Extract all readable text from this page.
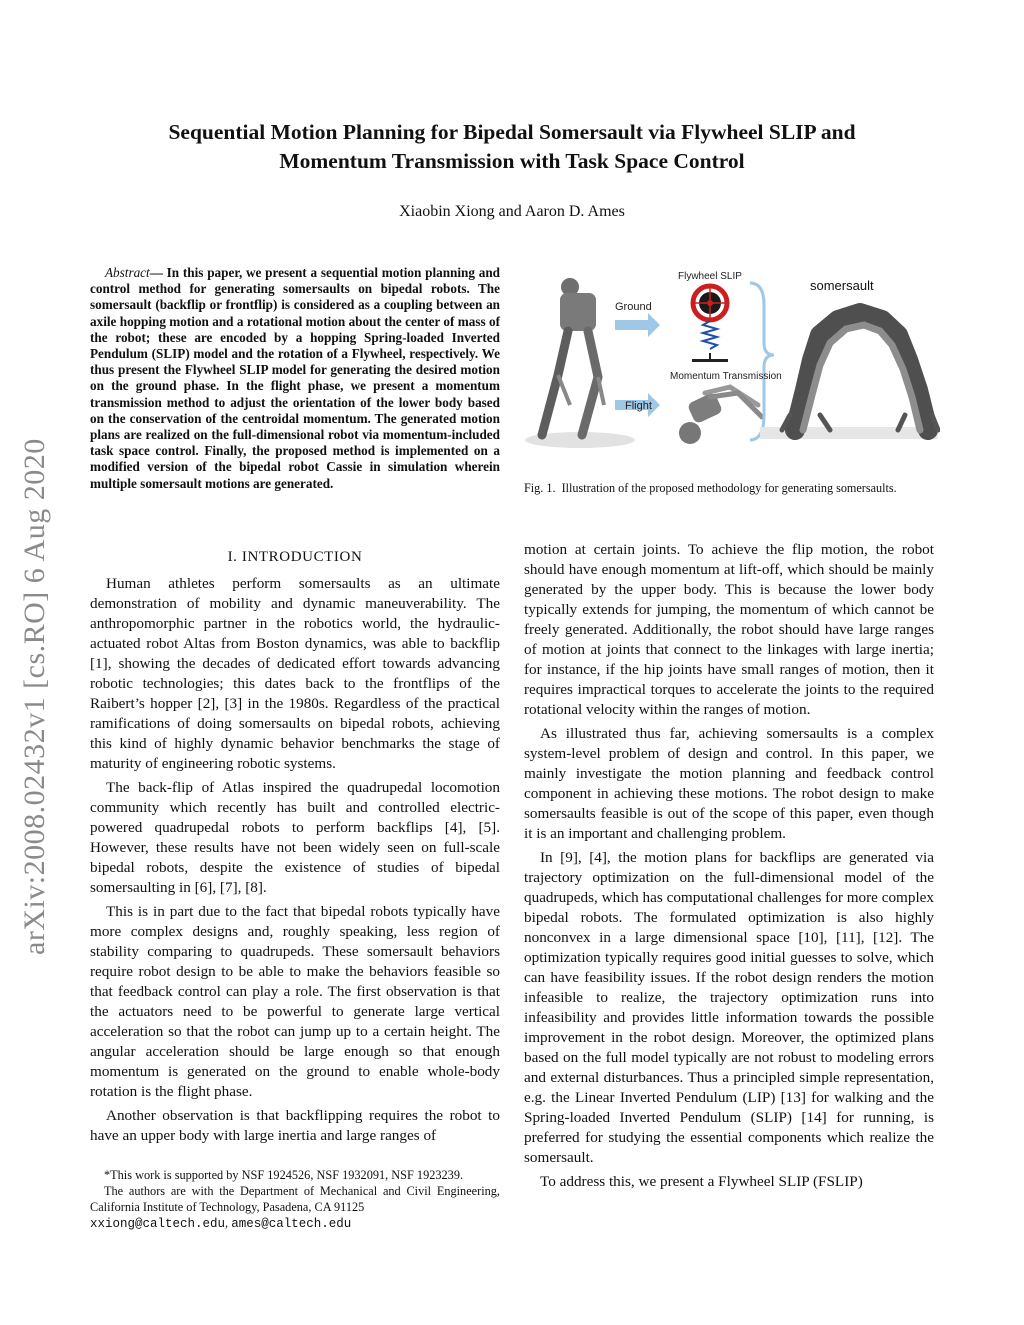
arXiv:2008.02432v1 [cs.RO] 6 Aug 2020
Sequential Motion Planning for Bipedal Somersault via Flywheel SLIP and
Momentum Transmission with Task Space Control
Xiaobin Xiong and Aaron D. Ames
Abstract— In this paper, we present a sequential motion planning and control method for generating somersaults on bipedal robots. The somersault (backflip or frontflip) is considered as a coupling between an axile hopping motion and a rotational motion about the center of mass of the robot; these are encoded by a hopping Spring-loaded Inverted Pendulum (SLIP) model and the rotation of a Flywheel, respectively. We thus present the Flywheel SLIP model for generating the desired motion on the ground phase. In the flight phase, we present a momentum transmission method to adjust the orientation of the lower body based on the conservation of the centroidal momentum. The generated motion plans are realized on the full-dimensional robot via momentum-included task space control. Finally, the proposed method is implemented on a modified version of the bipedal robot Cassie in simulation wherein multiple somersault motions are generated.
I. INTRODUCTION

Human athletes perform somersaults as an ultimate demonstration of mobility and dynamic maneuverability. The anthropomorphic partner in the robotics world, the hydraulic-actuated robot Altas from Boston dynamics, was able to backflip [1], showing the decades of dedicated effort towards advancing robotic technologies; this dates back to the frontflips of the Raibert’s hopper [2], [3] in the 1980s. Regardless of the practical ramifications of doing somersaults on bipedal robots, achieving this kind of highly dynamic behavior benchmarks the stage of maturity of engineering robotic systems.

The back-flip of Atlas inspired the quadrupedal locomotion community which recently has built and controlled electric-powered quadrupedal robots to perform backflips [4], [5]. However, these results have not been widely seen on full-scale bipedal robots, despite the existence of studies of bipedal somersaulting in [6], [7], [8].

This is in part due to the fact that bipedal robots typically have more complex designs and, roughly speaking, less region of stability comparing to quadrupeds. These somersault behaviors require robot design to be able to make the behaviors feasible so that feedback control can play a role. The first observation is that the actuators need to be powerful to generate large vertical acceleration so that the robot can jump up to a certain height. The angular acceleration should be large enough so that enough momentum is generated on the ground to enable whole-body rotation is the flight phase.

Another observation is that backflipping requires the robot to have an upper body with large inertia and large ranges of

*This work is supported by NSF 1924526, NSF 1932091, NSF 1923239.

The authors are with the Department of Mechanical and Civil Engineering, California Institute of Technology, Pasadena, CA 91125

xxiong@caltech.edu, ames@caltech.edu

Ground
Flywheel SLIP
somersault
Momentum Transmission
Flight
Fig. 1. Illustration of the proposed methodology for generating somersaults.

motion at certain joints. To achieve the flip motion, the robot should have enough momentum at lift-off, which should be mainly generated by the upper body. This is because the lower body typically extends for jumping, the momentum of which cannot be freely generated. Additionally, the robot should have large ranges of motion at joints that connect to the linkages with large inertia; for instance, if the hip joints have small ranges of motion, then it requires impractical torques to accelerate the joints to the required rotational velocity within the ranges of motion.

As illustrated thus far, achieving somersaults is a complex system-level problem of design and control. In this paper, we mainly investigate the motion planning and feedback control component in achieving these motions. The robot design to make somersaults feasible is out of the scope of this paper, even though it is an important and challenging problem.

In [9], [4], the motion plans for backflips are generated via trajectory optimization on the full-dimensional model of the quadrupeds, which has computational challenges for more complex bipedal robots. The formulated optimization is also highly nonconvex in a large dimensional space [10], [11], [12]. The optimization typically requires good initial guesses to solve, which can have feasibility issues. If the robot design renders the motion infeasible to realize, the trajectory optimization runs into infeasibility and provides little information towards the possible improvement in the robot design. Moreover, the optimized plans based on the full model typically are not robust to modeling errors and external disturbances. Thus a principled simple representation, e.g. the Linear Inverted Pendulum (LIP) [13] for walking and the Spring-loaded Inverted Pendulum (SLIP) [14] for running, is preferred for studying the essential components which realize the somersault.

To address this, we present a Flywheel SLIP (FSLIP)
